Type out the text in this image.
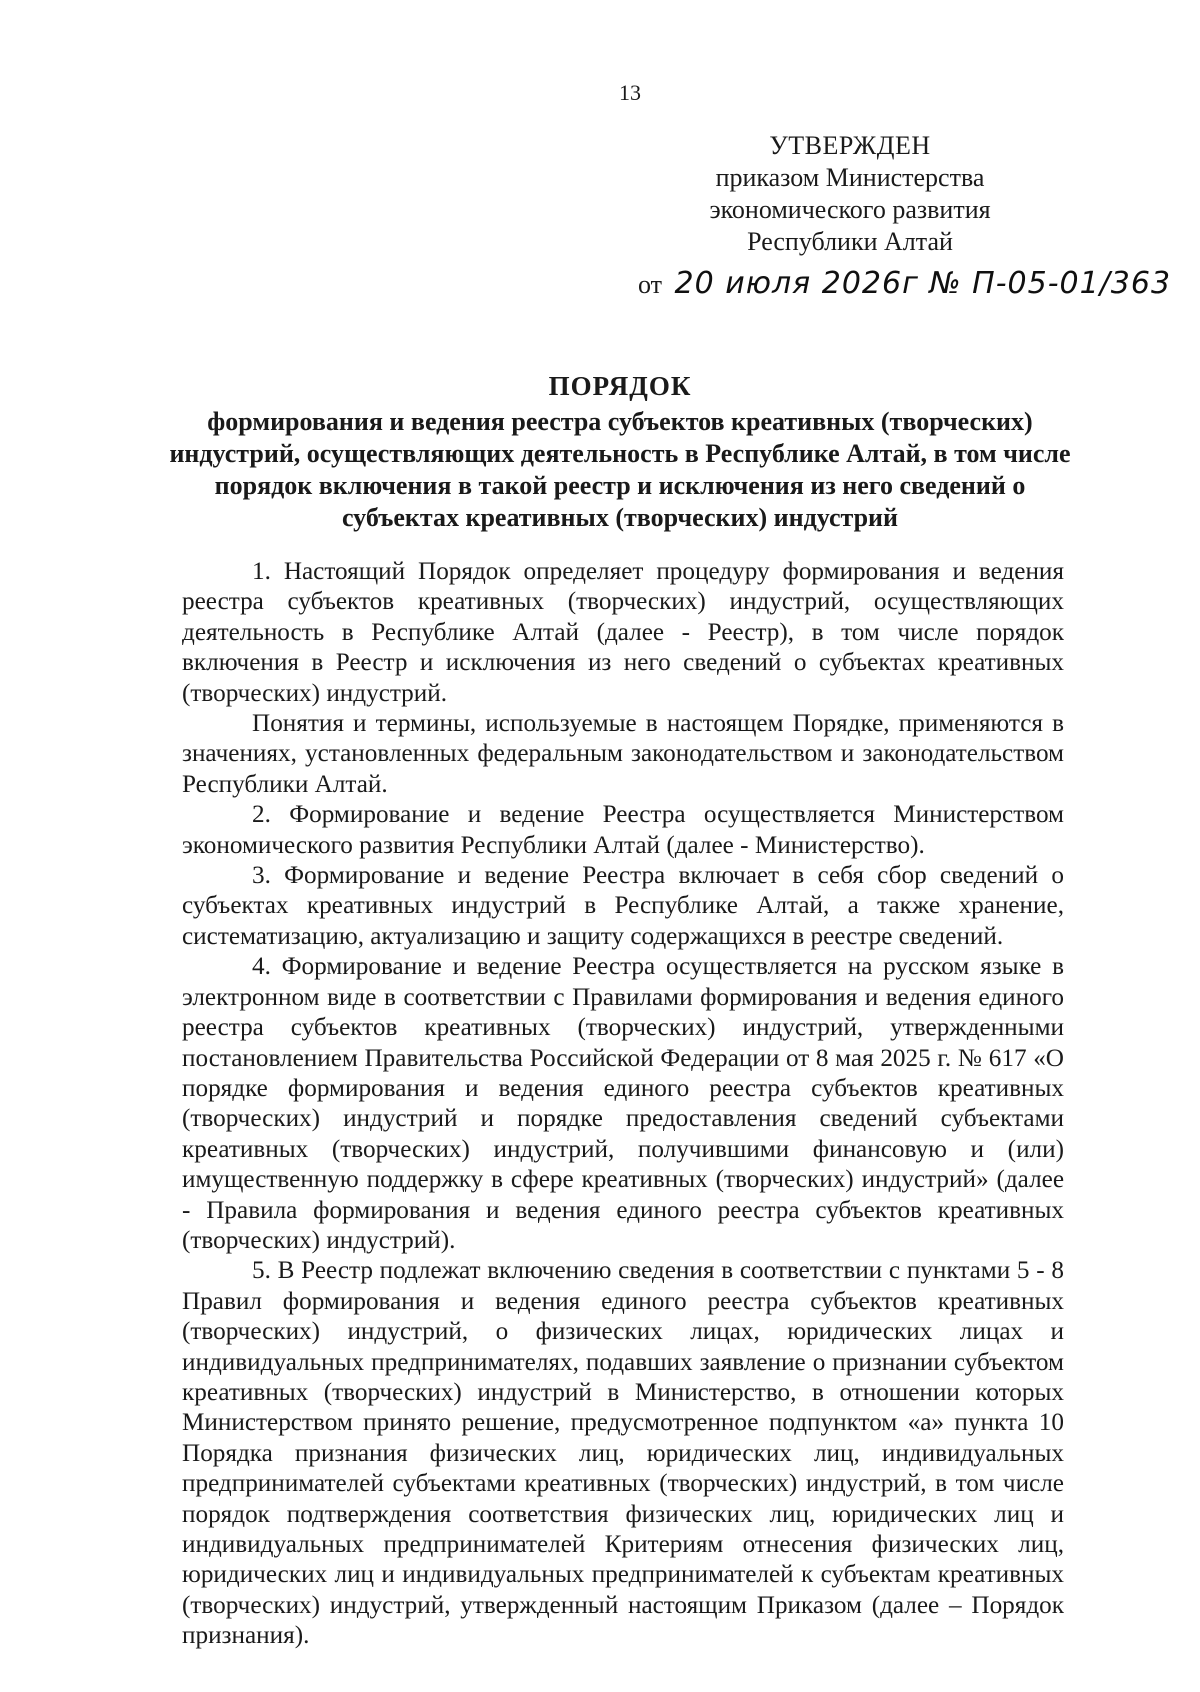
13
УТВЕРЖДЕН
приказом Министерства
экономического развития
Республики Алтай
от 20 июля 2026г № П-05-01/363
ПОРЯДОК
формирования и ведения реестра субъектов креативных (творческих) индустрий, осуществляющих деятельность в Республике Алтай, в том числе порядок включения в такой реестр и исключения из него сведений о субъектах креативных (творческих) индустрий

1. Настоящий Порядок определяет процедуру формирования и ведения реестра субъектов креативных (творческих) индустрий, осуществляющих деятельность в Республике Алтай (далее - Реестр), в том числе порядок включения в Реестр и исключения из него сведений о субъектах креативных (творческих) индустрий.

Понятия и термины, используемые в настоящем Порядке, применяются в значениях, установленных федеральным законодательством и законодательством Республики Алтай.

2. Формирование и ведение Реестра осуществляется Министерством экономического развития Республики Алтай (далее - Министерство).

3. Формирование и ведение Реестра включает в себя сбор сведений о субъектах креативных индустрий в Республике Алтай, а также хранение, систематизацию, актуализацию и защиту содержащихся в реестре сведений.

4. Формирование и ведение Реестра осуществляется на русском языке в электронном виде в соответствии с Правилами формирования и ведения единого реестра субъектов креативных (творческих) индустрий, утвержденными постановлением Правительства Российской Федерации от 8 мая 2025 г. № 617 «О порядке формирования и ведения единого реестра субъектов креативных (творческих) индустрий и порядке предоставления сведений субъектами креативных (творческих) индустрий, получившими финансовую и (или) имущественную поддержку в сфере креативных (творческих) индустрий» (далее - Правила формирования и ведения единого реестра субъектов креативных (творческих) индустрий).

5. В Реестр подлежат включению сведения в соответствии с пунктами 5 - 8 Правил формирования и ведения единого реестра субъектов креативных (творческих) индустрий, о физических лицах, юридических лицах и индивидуальных предпринимателях, подавших заявление о признании субъектом креативных (творческих) индустрий в Министерство, в отношении которых Министерством принято решение, предусмотренное подпунктом «а» пункта 10 Порядка признания физических лиц, юридических лиц, индивидуальных предпринимателей субъектами креативных (творческих) индустрий, в том числе порядок подтверждения соответствия физических лиц, юридических лиц и индивидуальных предпринимателей Критериям отнесения физических лиц, юридических лиц и индивидуальных предпринимателей к субъектам креативных (творческих) индустрий, утвержденный настоящим Приказом (далее – Порядок признания).
